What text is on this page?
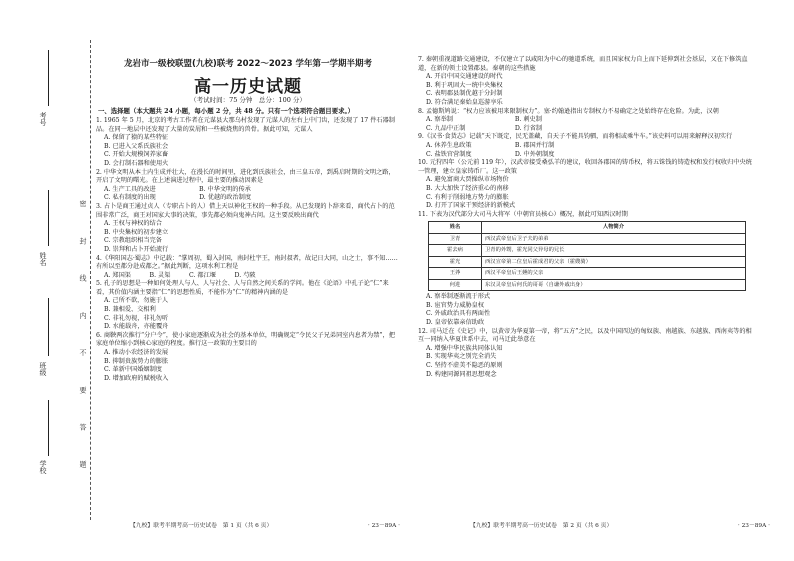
考号
姓名
班级
学校	密 封 线 内 不 要 答 题
龙岩市一级校联盟(九校)联考 2022～2023 学年第一学期半期考
高一历史试题
（考试时间：75 分钟　总分：100 分）
一、选择题（本大题共 24 小题，每小题 2 分，共 48 分。只有一个选项符合题目要求。）
1. 1965 年 5 月，北京的考古工作者在元谋县大那乌村发现了元谋人的左右上中门齿，还发现了 17 件石器制品。在同一地层中还发现了大量的炭屑和一些被烧焦的兽骨。据此可知，元谋人
A. 保留了猿的某些特征
B. 已进入父系氏族社会
C. 开始大规模饲养家畜
D. 会打制石器和使用火
2. 中华文明从本土内生成并壮大，在漫长的时间里，进化到氏族社会，由三皇五帝，到禹启时期的文明之路，开启了文明的曙光。在上述演进过程中，最主要的推动因素是
A. 生产工具的改进　　　　　　　B. 中华文明的传承
C. 私有制度的出现　　　　　　　D. 优越的政治制度
3. 占卜是商王通过贞人（专职占卜的人）借上天以神化王权的一种手段。从已发现的卜辞来看，商代占卜的范围非常广泛，商王对国家大事的决策，事先都必须向鬼神占问。这主要反映出商代
A. 王权与神权的结合
B. 中央集权的初步建立
C. 宗教组织相当完备
D. 崇拜和占卜开始流行
4.《华阳国志·蜀志》中记载：“掌周初，蜀入封国，南封杜宇王，南封叔者，故记日大同，山之士，事不知……有所以至都分赴成都之。”据此判断，这项水利工程是
A. 郑国渠　　　B. 灵渠　　　C. 都江堰　　　D. 芍陂
5. 孔子的思想是一种如何处理人与人、人与社会、人与自然之间关系的学问。他在《论语》中孔子论“仁”来看，其价值内涵主要指“仁”的思想性质，不能作为“仁”的精神内涵的是
A. 己所不欲，勿施于人
B. 兼相爱、交相利
C. 非礼勿视，非礼勿听
D. 水能载舟，亦能覆舟
6. 商鞅两次推行“分户令”，使小家庭逐渐成为社会的基本单位，明确规定“令民父子兄弟同室内息者为禁”，把家庭单位缩小到核心家庭的程度。推行这一政策的主要目的
A. 推动小农经济的发展
B. 抑制贵族势力的膨胀
C. 革新中国婚姻制度
D. 增加政府的赋税收入
7. 秦朝重视道路交通建设，不仅建立了以咸阳为中心的驰道系统，而且国家权力自上而下延伸到社会基层，又在下修筑直道，在新的领土设置郡县。秦朝的这些措施
A. 开启中国交通建设的时代
B. 利于巩固大一统中央集权
C. 表明郡县制优越于分封制
D. 符合满足秦始皇巡游享乐
8. 孟德斯鸠说：“权力应该被用来限制权力”。塞·约翰逊指出专制权力不易确定之处始终存在危险。为此，汉朝
A. 察举制　　　　　　　　　　B. 刺史制
C. 九品中正制　　　　　　　　D. 行省制
9.《汉书·食货志》记载“天下既定，民无盖藏，自天子不能具钧驷，而将相或乘牛车。”该史料可以用来解释汉初实行
A. 休养生息政策　　　　　　　B. 郡国并行制
C. 盐铁官营制度　　　　　　　D. 中外朝制度
10. 元狩四年（公元前 119 年），汉武帝接受桑弘羊的建议，收回各郡国的铸币权，将五铢钱的铸造权和发行权收归中央统一管理，建立皇家铸币厂。这一政策
A. 避免富商大贾操纵市场物价
B. 大大加快了经济重心的南移
C. 有利于削弱地方势力的膨胀
D. 打开了国家干预经济的新模式
11. 下表为汉代部分大司马大将军（中朝官员核心）概况，据此可知西汉时期
姓名	人物简介
卫青	西汉武帝皇后卫子夫的弟弟
霍去病	卫青的外甥，霍光同父异母的兄长
霍光	西汉宣帝第二位皇后霍成君的父亲（霍嫂骑）
王莽	西汉平帝皇后王嬿的父亲
何进	东汉灵帝皇后何氏的哥哥（自谦外戚出身）
A. 察举制逐渐流于形式
B. 宦官势力威胁皇权
C. 外戚政治具有两面性
D. 皇帝依靠亲信助政
12. 司马迁在《史记》中，以黄帝为华夏第一帝，将“五方”之民，以及中国四边的匈奴族、南越族、东越族、西南夷等的相互一同纳入华夏世系中去，司马迁此举意在
A. 增强中华民族共同体认知
B. 实现华夷之别完全消失
C. 坚持不虚美不隐恶的原则
D. 构建同源同祖思想观念
【九校】联考半期考高一历史试卷　第 1 页（共 6 页）	· 23－89A ·	【九校】联考半期考高一历史试卷　第 2 页（共 6 页）	· 23－89A ·
